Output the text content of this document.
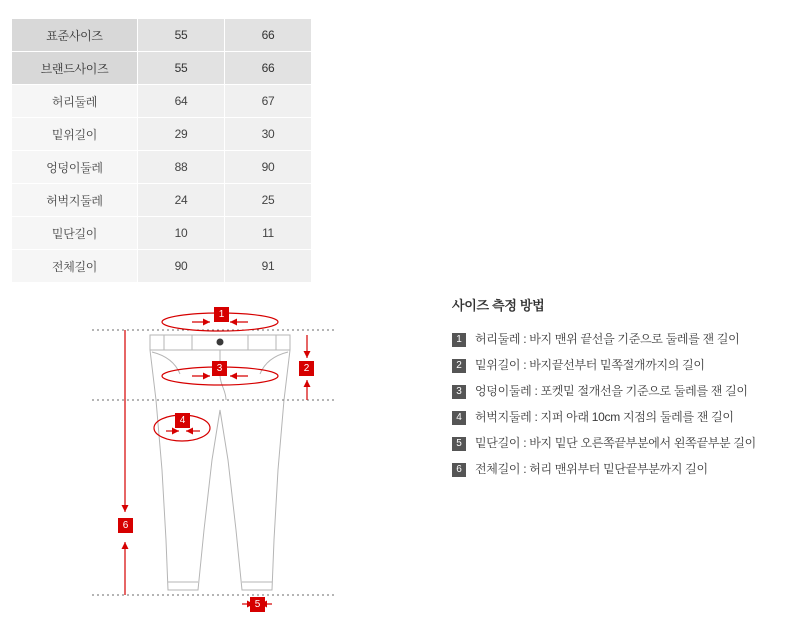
표준사이즈	55	66
브랜드사이즈	55	66
허리둘레	64	67
밑위길이	29	30
엉덩이둘레	88	90
허벅지둘레	24	25
밑단길이	10	11
전체길이	90	91
1
2
3
4
5
6
사이즈 측정 방법
1	허리둘레 : 바지 맨위 끝선을 기준으로 둘레를 잰 길이
2	밑위길이 : 바지끝선부터 밑쪽절개까지의 길이
3	엉덩이둘레 : 포켓밑 절개선을 기준으로 둘레를 잰 길이
4	허벅지둘레 : 지퍼 아래 10cm 지점의 둘레를 잰 길이
5	밑단길이 : 바지 밑단 오른쪽끝부분에서 왼쪽끝부분 길이
6	전체길이 : 허리 맨위부터 밑단끝부분까지 길이
